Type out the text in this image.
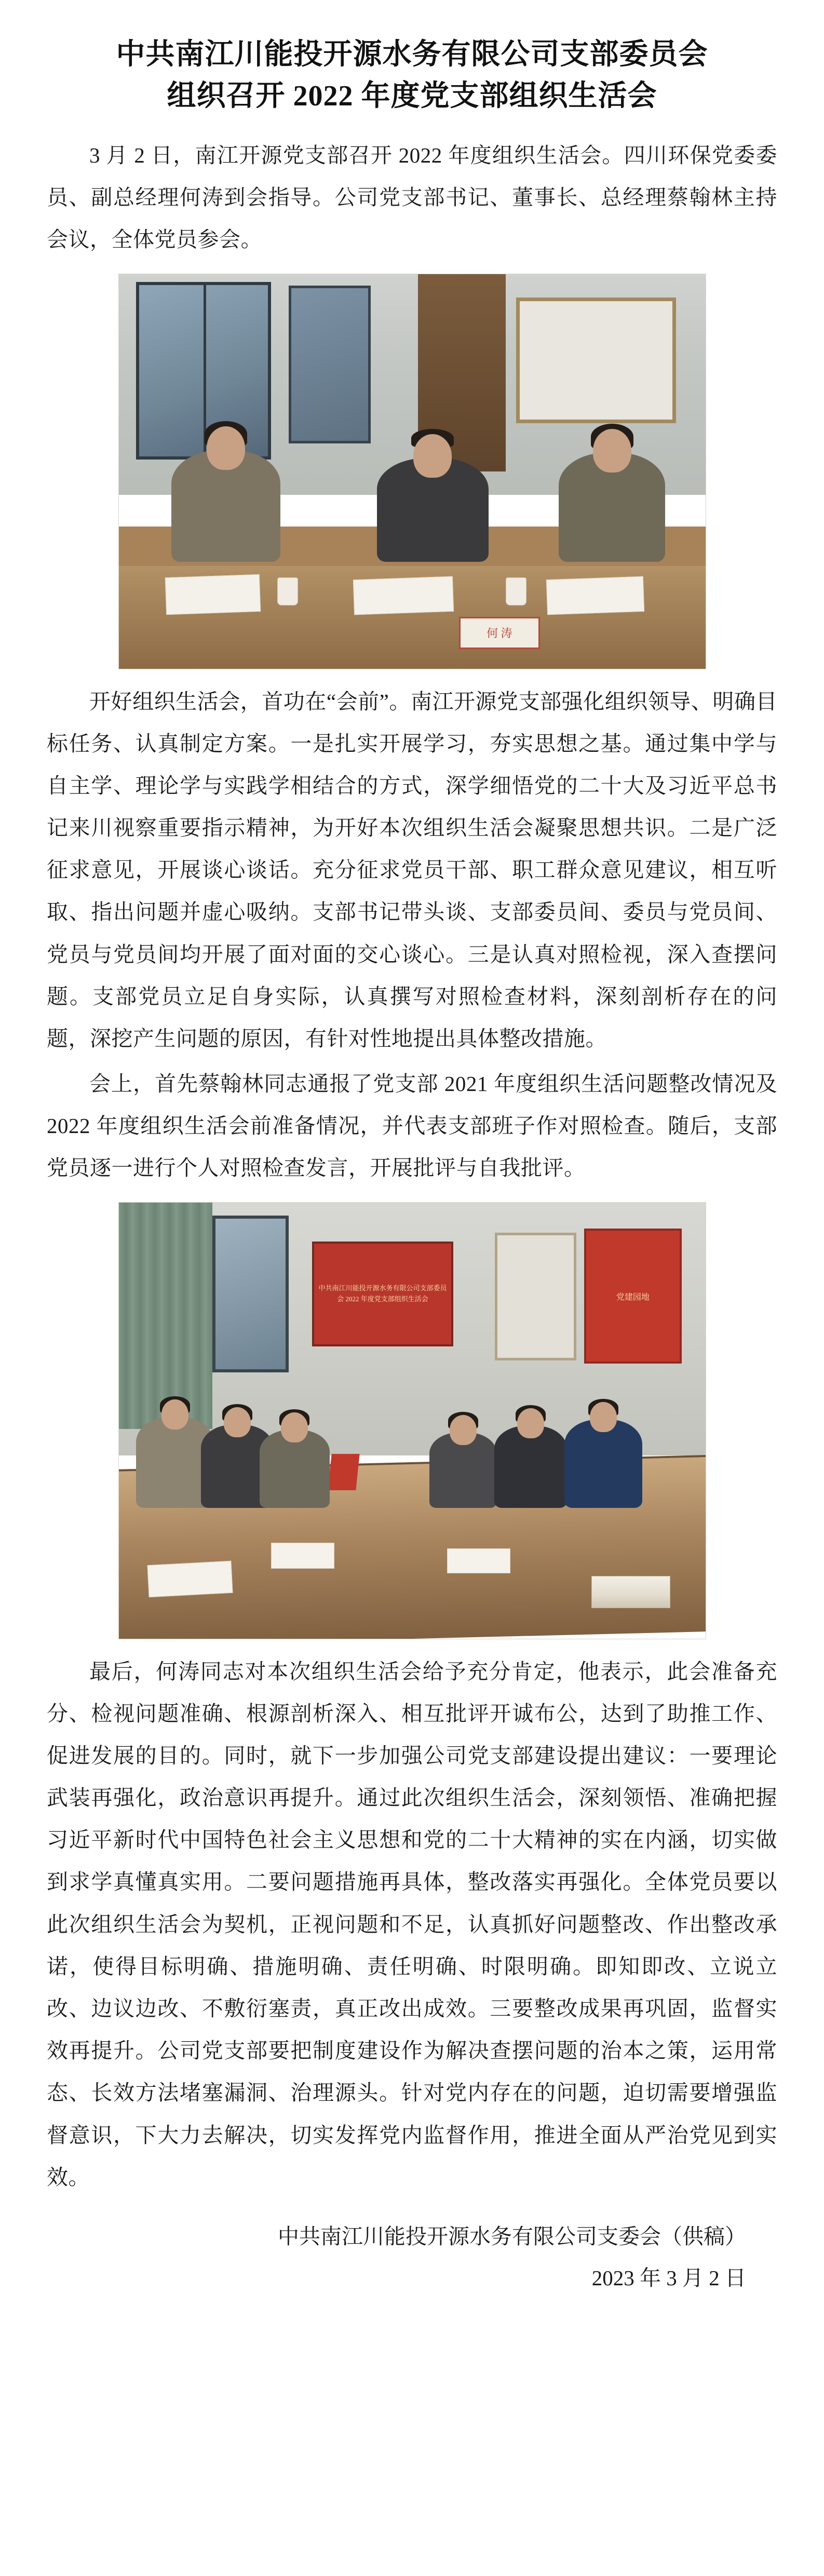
中共南江川能投开源水务有限公司支部委员会
组织召开 2022 年度党支部组织生活会

3 月 2 日，南江开源党支部召开 2022 年度组织生活会。四川环保党委委员、副总经理何涛到会指导。公司党支部书记、董事长、总经理蔡翰林主持会议，全体党员参会。

何 涛

开好组织生活会，首功在“会前”。南江开源党支部强化组织领导、明确目标任务、认真制定方案。一是扎实开展学习，夯实思想之基。通过集中学与自主学、理论学与实践学相结合的方式，深学细悟党的二十大及习近平总书记来川视察重要指示精神，为开好本次组织生活会凝聚思想共识。二是广泛征求意见，开展谈心谈话。充分征求党员干部、职工群众意见建议，相互听取、指出问题并虚心吸纳。支部书记带头谈、支部委员间、委员与党员间、党员与党员间均开展了面对面的交心谈心。三是认真对照检视，深入查摆问题。支部党员立足自身实际，认真撰写对照检查材料，深刻剖析存在的问题，深挖产生问题的原因，有针对性地提出具体整改措施。

会上，首先蔡翰林同志通报了党支部 2021 年度组织生活问题整改情况及 2022 年度组织生活会前准备情况，并代表支部班子作对照检查。随后，支部党员逐一进行个人对照检查发言，开展批评与自我批评。

中共南江川能投开源水务有限公司支部委员会 2022 年度党支部组织生活会	党建园地

最后，何涛同志对本次组织生活会给予充分肯定，他表示，此会准备充分、检视问题准确、根源剖析深入、相互批评开诚布公，达到了助推工作、促进发展的目的。同时，就下一步加强公司党支部建设提出建议：一要理论武装再强化，政治意识再提升。通过此次组织生活会，深刻领悟、准确把握习近平新时代中国特色社会主义思想和党的二十大精神的实在内涵，切实做到求学真懂真实用。二要问题措施再具体，整改落实再强化。全体党员要以此次组织生活会为契机，正视问题和不足，认真抓好问题整改、作出整改承诺，使得目标明确、措施明确、责任明确、时限明确。即知即改、立说立改、边议边改、不敷衍塞责，真正改出成效。三要整改成果再巩固，监督实效再提升。公司党支部要把制度建设作为解决查摆问题的治本之策，运用常态、长效方法堵塞漏洞、治理源头。针对党内存在的问题，迫切需要增强监督意识，下大力去解决，切实发挥党内监督作用，推进全面从严治党见到实效。

中共南江川能投开源水务有限公司支委会（供稿）
2023 年 3 月 2 日
